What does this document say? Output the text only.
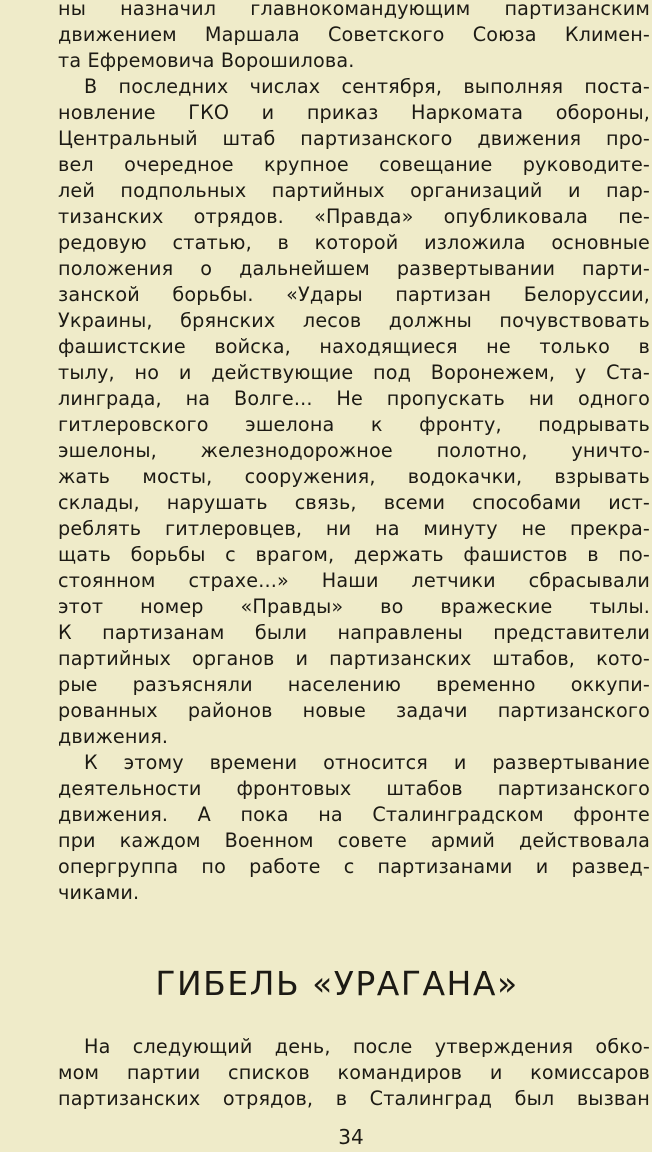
ны назначил главнокомандующим партизанским
движением Маршала Советского Союза Климен-
та Ефремовича Ворошилова.
В последних числах сентября, выполняя поста-
новление ГКО и приказ Наркомата обороны,
Центральный штаб партизанского движения про-
вел очередное крупное совещание руководите-
лей подпольных партийных организаций и пар-
тизанских отрядов. «Правда» опубликовала пе-
редовую статью, в которой изложила основные
положения о дальнейшем развертывании парти-
занской борьбы. «Удары партизан Белоруссии,
Украины, брянских лесов должны почувствовать
фашистские войска, находящиеся не только в
тылу, но и действующие под Воронежем, у Ста-
линграда, на Волге... Не пропускать ни одного
гитлеровского эшелона к фронту, подрывать
эшелоны, железнодорожное полотно, уничто-
жать мосты, сооружения, водокачки, взрывать
склады, нарушать связь, всеми способами ист-
реблять гитлеровцев, ни на минуту не прекра-
щать борьбы с врагом, держать фашистов в по-
стоянном страхе...» Наши летчики сбрасывали
этот номер «Правды» во вражеские тылы.
К партизанам были направлены представители
партийных органов и партизанских штабов, кото-
рые разъясняли населению временно оккупи-
рованных районов новые задачи партизанского
движения.
К этому времени относится и развертывание
деятельности фронтовых штабов партизанского
движения. А пока на Сталинградском фронте
при каждом Военном совете армий действовала
опергруппа по работе с партизанами и развед-
чиками.
ГИБЕЛЬ «УРАГАНА»
На следующий день, после утверждения обко-
мом партии списков командиров и комиссаров
партизанских отрядов, в Сталинград был вызван
34
